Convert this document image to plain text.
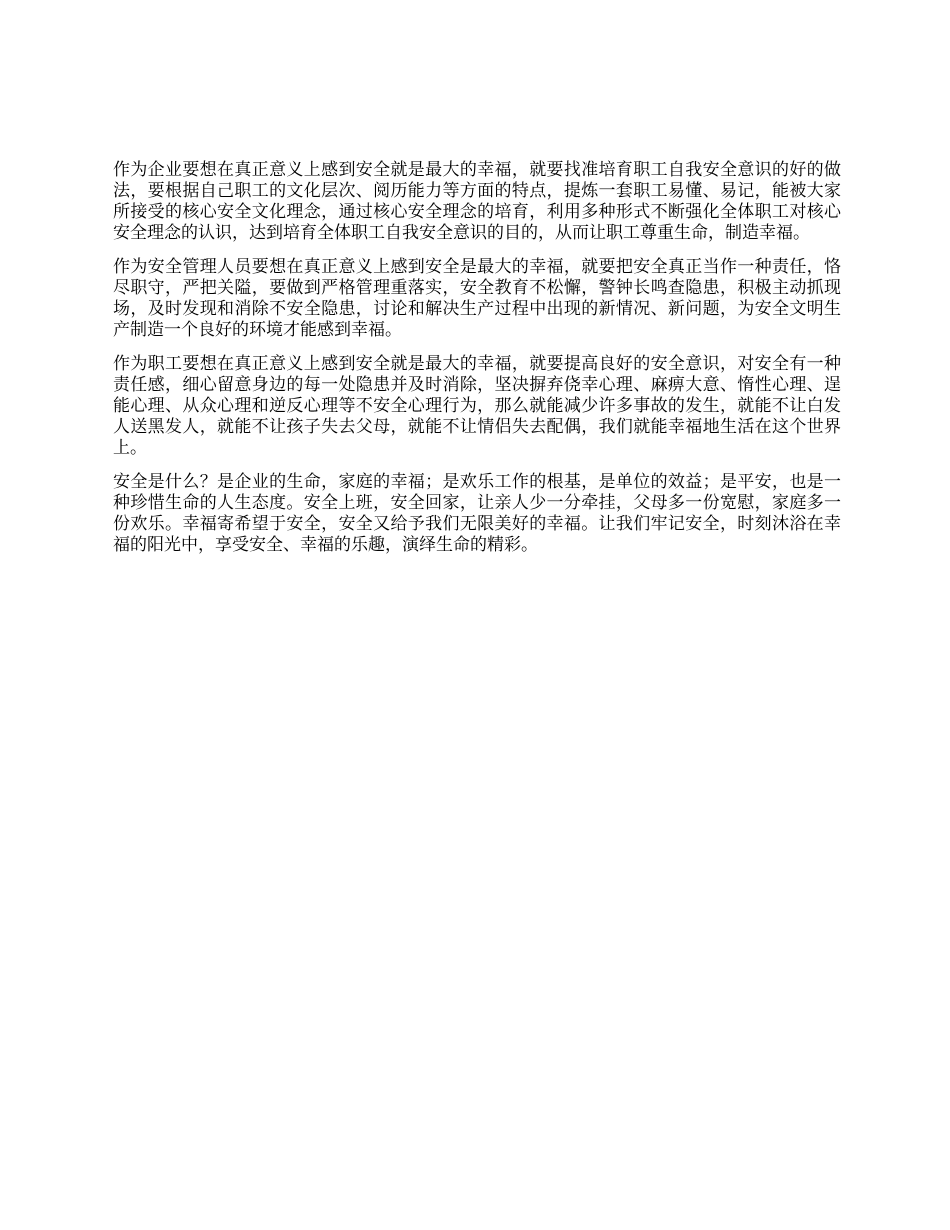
作为企业要想在真正意义上感到安全就是最大的幸福，就要找准培育职工自我安全意识的好的做法，要根据自己职工的文化层次、阅历能力等方面的特点，提炼一套职工易懂、易记，能被大家所接受的核心安全文化理念，通过核心安全理念的培育，利用多种形式不断强化全体职工对核心安全理念的认识，达到培育全体职工自我安全意识的目的，从而让职工尊重生命，制造幸福。

作为安全管理人员要想在真正意义上感到安全是最大的幸福，就要把安全真正当作一种责任，恪尽职守，严把关隘，要做到严格管理重落实，安全教育不松懈，警钟长鸣查隐患，积极主动抓现场，及时发现和消除不安全隐患，讨论和解决生产过程中出现的新情况、新问题，为安全文明生产制造一个良好的环境才能感到幸福。

作为职工要想在真正意义上感到安全就是最大的幸福，就要提高良好的安全意识，对安全有一种责任感，细心留意身边的每一处隐患并及时消除，坚决摒弃侥幸心理、麻痹大意、惰性心理、逞能心理、从众心理和逆反心理等不安全心理行为，那么就能减少许多事故的发生，就能不让白发人送黑发人，就能不让孩子失去父母，就能不让情侣失去配偶，我们就能幸福地生活在这个世界上。

安全是什么？是企业的生命，家庭的幸福；是欢乐工作的根基，是单位的效益；是平安，也是一种珍惜生命的人生态度。安全上班，安全回家，让亲人少一分牵挂，父母多一份宽慰，家庭多一份欢乐。幸福寄希望于安全，安全又给予我们无限美好的幸福。让我们牢记安全，时刻沐浴在幸福的阳光中，享受安全、幸福的乐趣，演绎生命的精彩。
